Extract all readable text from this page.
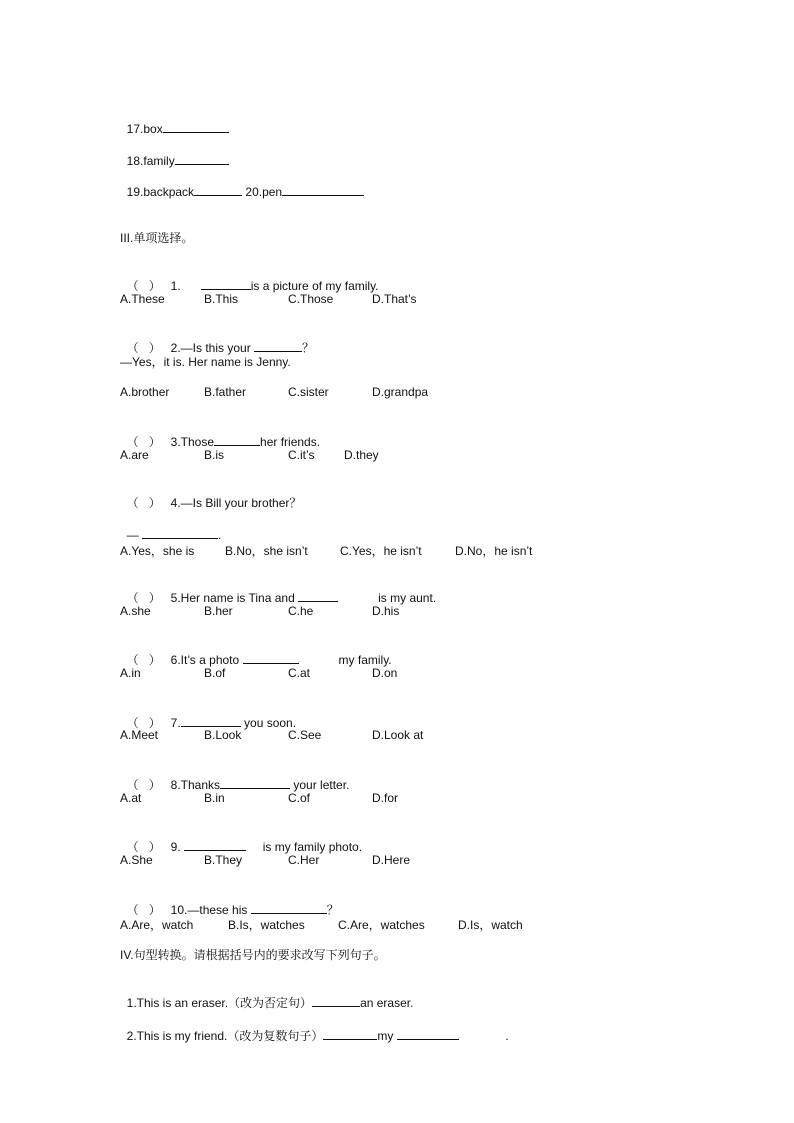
17.box

18.family

19.backpack	20.pen

III.单项选择。

（ ） 1.	is a picture of my family.

A.These	B.This	C.Those	D.That’s

（ ） 2.—Is this your	？

—Yes，it is. Her name is Jenny.
A.brother	B.father	C.sister	D.grandpa

（ ） 3.Those	her friends.

A.are	B.is	C.it’s D.they

（ ） 4.—Is Bill your brother？

—	.

A.Yes，she is	B.No，she isn’t	C.Yes，he isn’t	D.No，he isn’t

（ ） 5.Her name is Tina and	is my aunt.

A.she	B.her	C.he	D.his

（ ） 6.It’s a photo	my family.

A.in	B.of	C.at	D.on

（ ） 7.	you soon.

A.Meet	B.Look	C.See	D.Look at

（ ） 8.Thanks	your letter.

A.at	B.in	C.of	D.for

（ ） 9.	is my family photo.

A.She	B.They	C.Her	D.Here

（ ） 10.—these his	？

A.Are，watch	B.Is，watches	C.Are，watches	D.Is，watch
IV.句型转换。请根据括号内的要求改写下列句子。

1.This is an eraser.（改为否定句）	an eraser.

2.This is my friend.（改为复数句子）	my	.
